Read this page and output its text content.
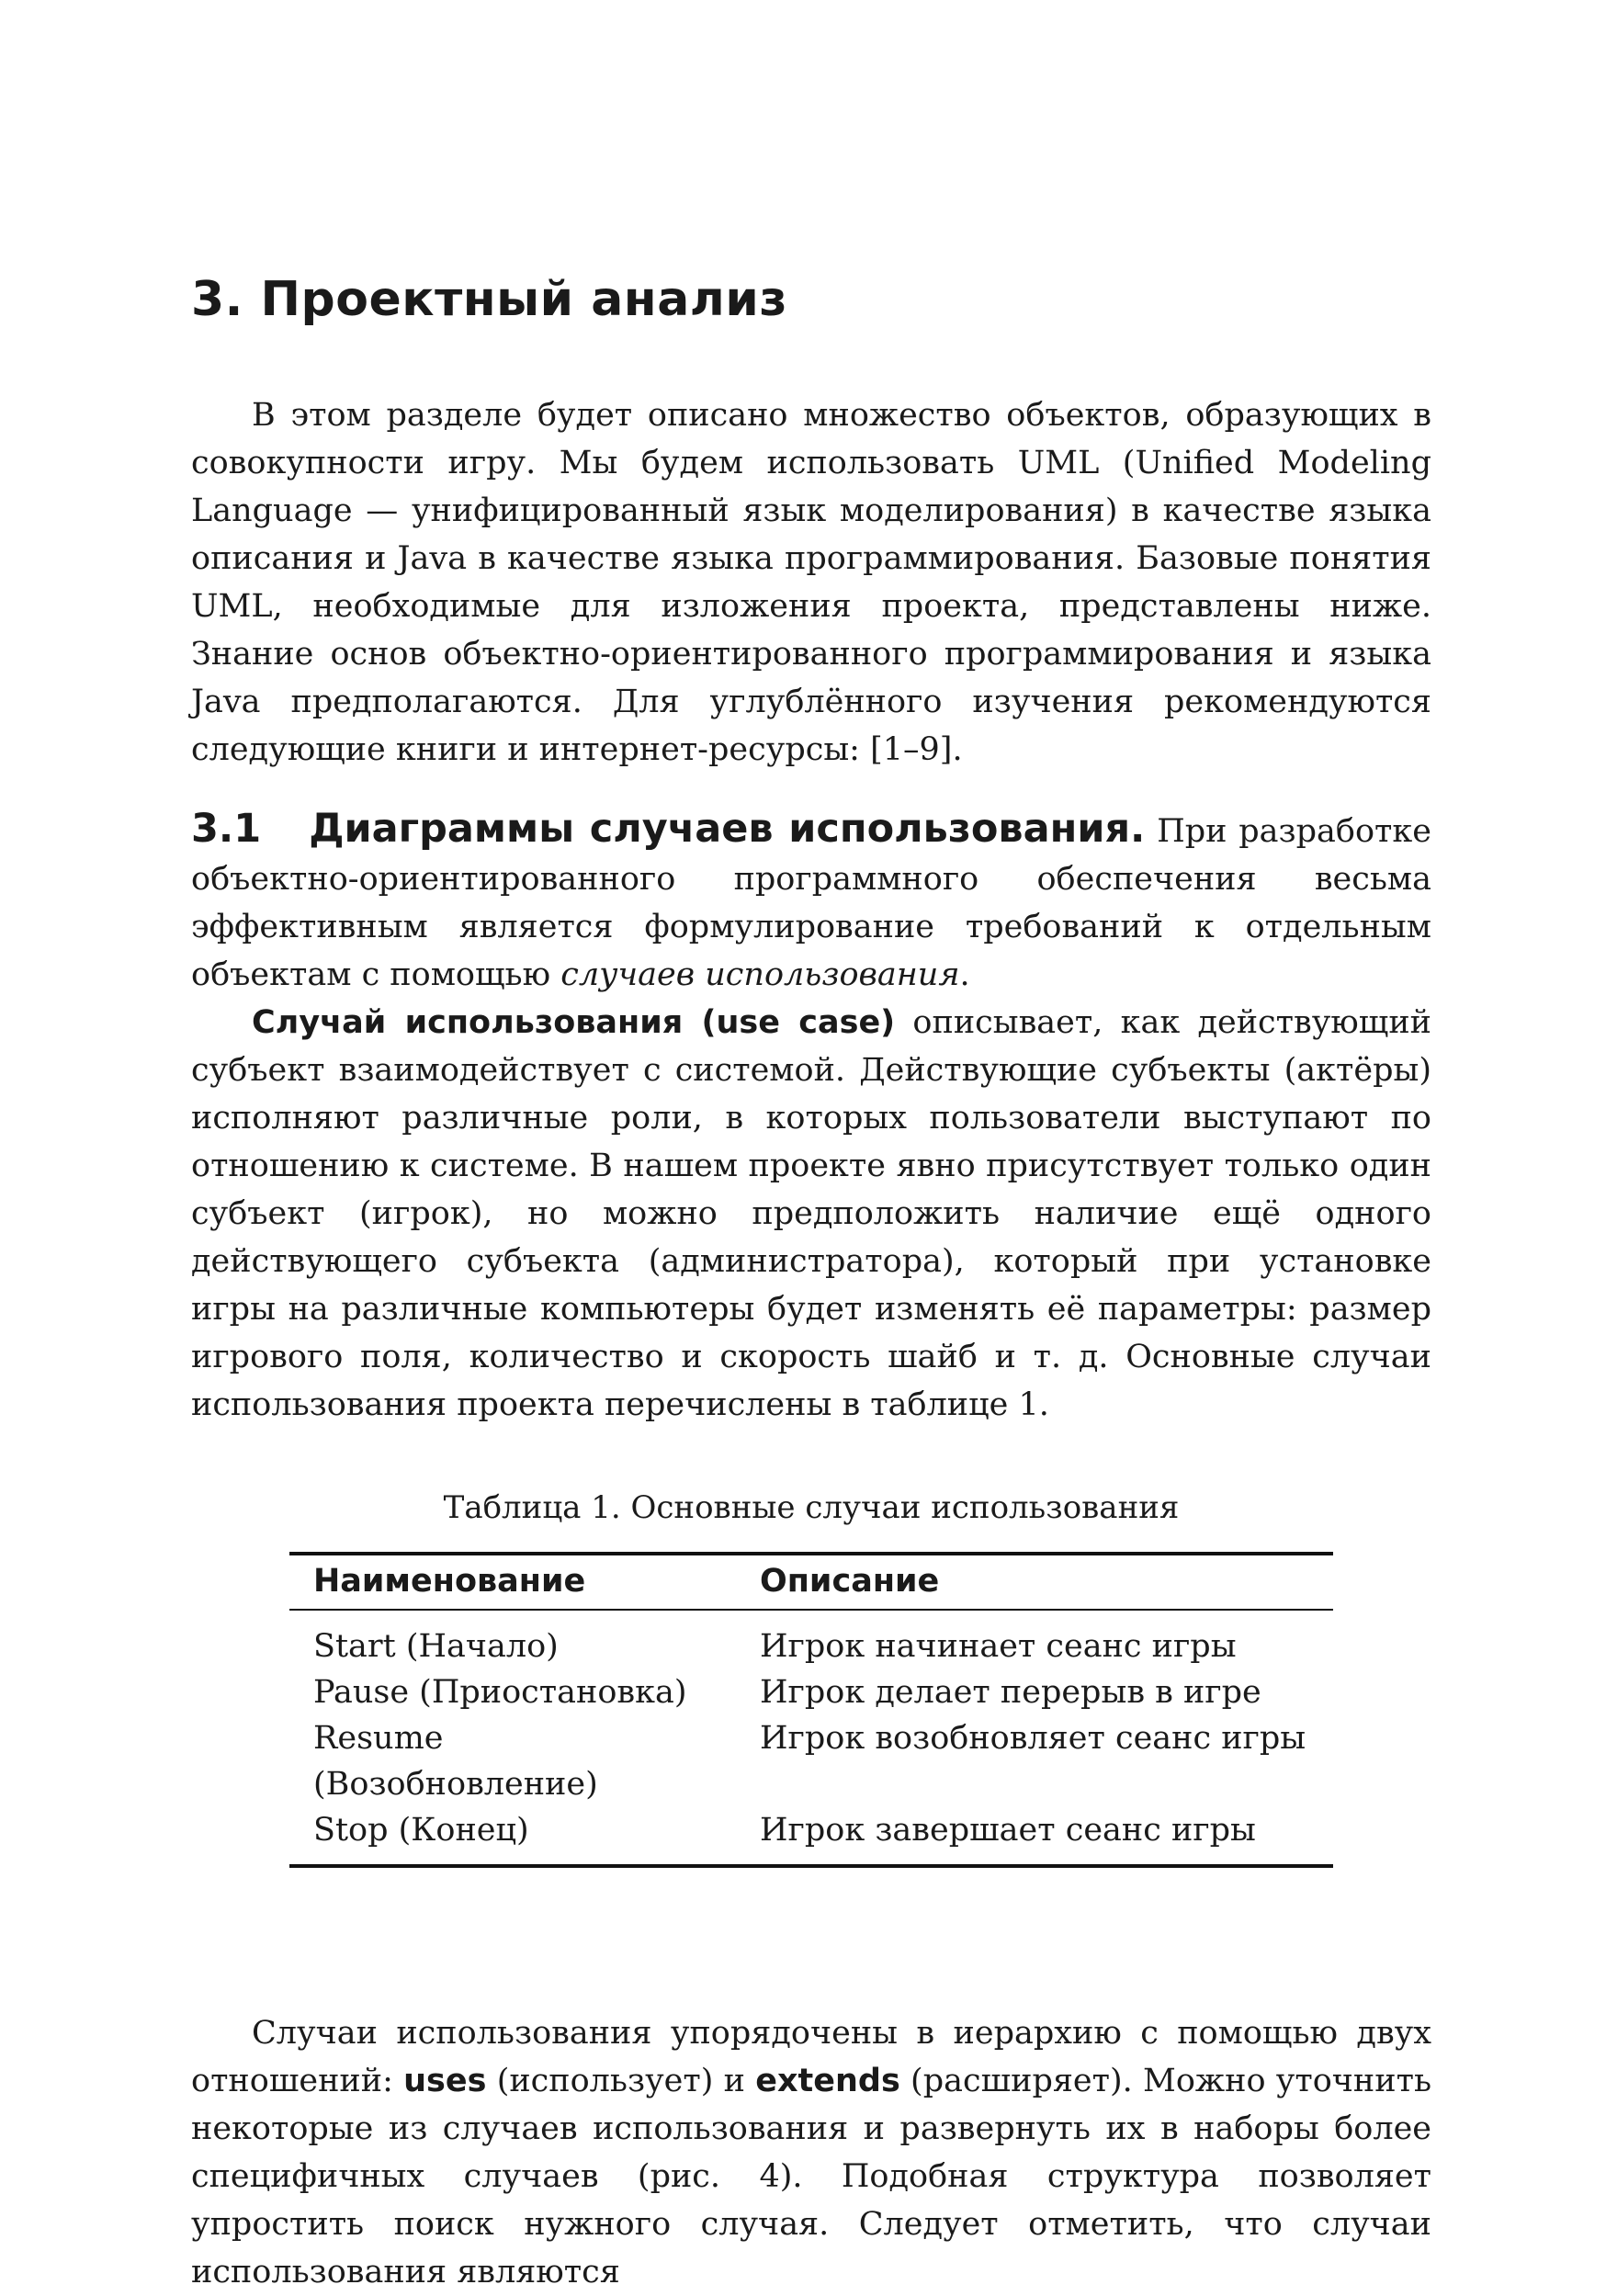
3. Проектный анализ

В этом разделе будет описано множество объектов, образующих в совокупности игру. Мы будем использовать UML (Unified Modeling Language — унифицированный язык моделирования) в качестве языка описания и Java в качестве языка программирования. Базовые понятия UML, необходимые для изложения проекта, представлены ниже. Знание основ объектно-ориентированного программирования и языка Java предполагаются. Для углублённого изучения рекомендуются следующие книги и интернет-ресурсы: [1–9].

3.1 Диаграммы случаев использования. При разработке объектно-ориентированного программного обеспечения весьма эффективным является формулирование требований к отдельным объектам с помощью случаев использования.

Случай использования (use case) описывает, как действующий субъект взаимодействует с системой. Действующие субъекты (актёры) исполняют различные роли, в которых пользователи выступают по отношению к системе. В нашем проекте явно присутствует только один субъект (игрок), но можно предположить наличие ещё одного действующего субъекта (администратора), который при установке игры на различные компьютеры будет изменять её параметры: размер игрового поля, количество и скорость шайб и т. д. Основные случаи использования проекта перечислены в таблице 1.

Таблица 1. Основные случаи использования
Наименование	Описание
Start (Начало)	Игрок начинает сеанс игры
Pause (Приостановка)	Игрок делает перерыв в игре
Resume (Возобновление)	Игрок возобновляет сеанс игры
Stop (Конец)	Игрок завершает сеанс игры

Случаи использования упорядочены в иерархию с помощью двух отношений: uses (использует) и extends (расширяет). Можно уточнить некоторые из случаев использования и развернуть их в наборы более специфичных случаев (рис. 4). Подобная структура позволяет упростить поиск нужного случая. Следует отметить, что случаи использования являются
